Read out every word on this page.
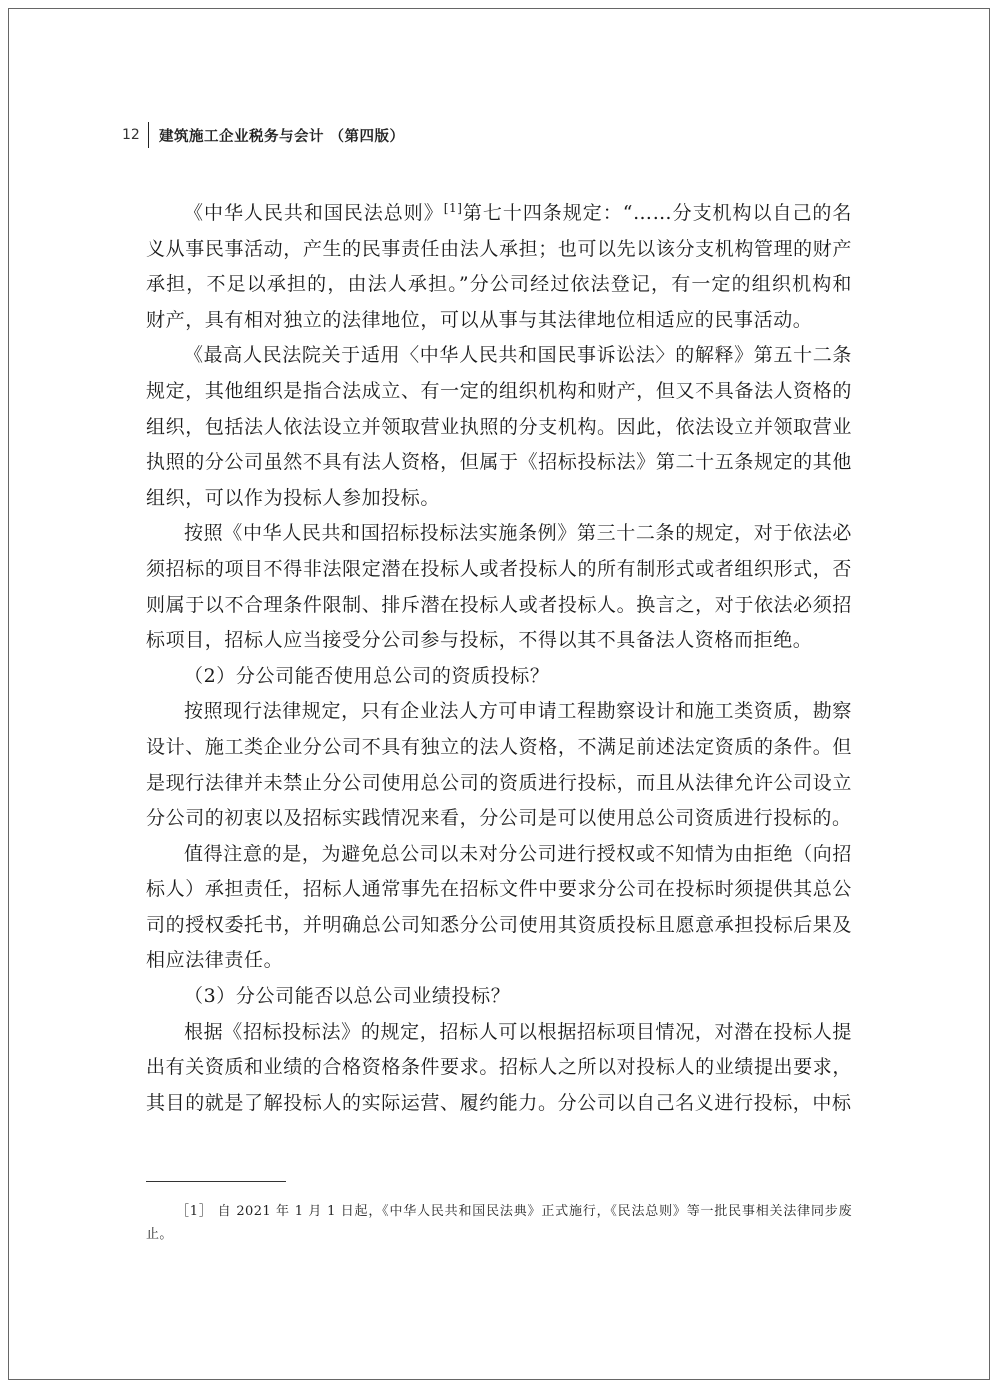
12 建筑施工企业税务与会计 （第四版）

《中华人民共和国民法总则》[1]第七十四条规定：“……分支机构以自己的名义从事民事活动，产生的民事责任由法人承担；也可以先以该分支机构管理的财产承担，不足以承担的，由法人承担。”分公司经过依法登记，有一定的组织机构和财产，具有相对独立的法律地位，可以从事与其法律地位相适应的民事活动。

《最高人民法院关于适用〈中华人民共和国民事诉讼法〉的解释》第五十二条规定，其他组织是指合法成立、有一定的组织机构和财产，但又不具备法人资格的组织，包括法人依法设立并领取营业执照的分支机构。因此，依法设立并领取营业执照的分公司虽然不具有法人资格，但属于《招标投标法》第二十五条规定的其他组织，可以作为投标人参加投标。

按照《中华人民共和国招标投标法实施条例》第三十二条的规定，对于依法必须招标的项目不得非法限定潜在投标人或者投标人的所有制形式或者组织形式，否则属于以不合理条件限制、排斥潜在投标人或者投标人。换言之，对于依法必须招标项目，招标人应当接受分公司参与投标，不得以其不具备法人资格而拒绝。

（2）分公司能否使用总公司的资质投标？

按照现行法律规定，只有企业法人方可申请工程勘察设计和施工类资质，勘察设计、施工类企业分公司不具有独立的法人资格，不满足前述法定资质的条件。但是现行法律并未禁止分公司使用总公司的资质进行投标，而且从法律允许公司设立分公司的初衷以及招标实践情况来看，分公司是可以使用总公司资质进行投标的。

值得注意的是，为避免总公司以未对分公司进行授权或不知情为由拒绝（向招标人）承担责任，招标人通常事先在招标文件中要求分公司在投标时须提供其总公司的授权委托书，并明确总公司知悉分公司使用其资质投标且愿意承担投标后果及相应法律责任。

（3）分公司能否以总公司业绩投标？

根据《招标投标法》的规定，招标人可以根据招标项目情况，对潜在投标人提出有关资质和业绩的合格资格条件要求。招标人之所以对投标人的业绩提出要求，其目的就是了解投标人的实际运营、履约能力。分公司以自己名义进行投标，中标

［1］ 自 2021 年 1 月 1 日起，《中华人民共和国民法典》正式施行，《民法总则》等一批民事相关法律同步废止。
